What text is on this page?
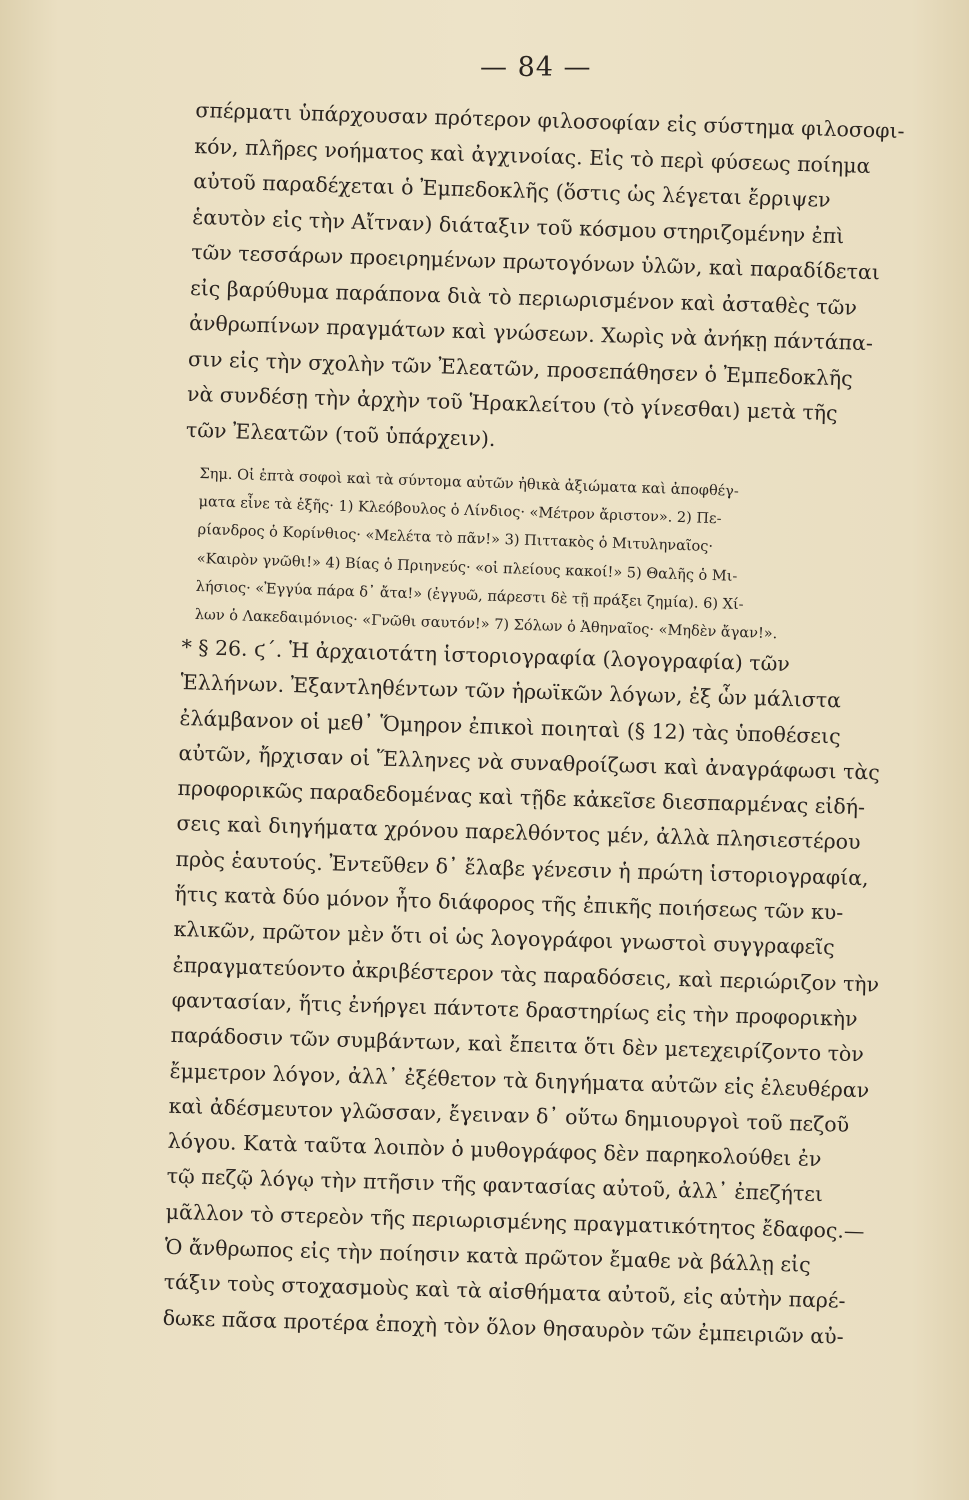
— 84 —
σπέρματι ὑπάρχουσαν πρότερον φιλοσοφίαν εἰς σύστημα φιλοσοφι-
κόν, πλῆρες νοήματος καὶ ἀγχινοίας. Εἰς τὸ περὶ φύσεως ποίημα
αὐτοῦ παραδέχεται ὁ Ἐμπεδοκλῆς (ὅστις ὡς λέγεται ἔρριψεν
ἑαυτὸν εἰς τὴν Αἴτναν) διάταξιν τοῦ κόσμου στηριζομένην ἐπὶ
τῶν τεσσάρων προειρημένων πρωτογόνων ὑλῶν, καὶ παραδίδεται
εἰς βαρύθυμα παράπονα διὰ τὸ περιωρισμένον καὶ ἀσταθὲς τῶν
ἀνθρωπίνων πραγμάτων καὶ γνώσεων. Χωρὶς νὰ ἀνήκῃ πάντάπα-
σιν εἰς τὴν σχολὴν τῶν Ἐλεατῶν, προσεπάθησεν ὁ Ἐμπεδοκλῆς
νὰ συνδέσῃ τὴν ἀρχὴν τοῦ Ἡρακλείτου (τὸ γίνεσθαι) μετὰ τῆς
τῶν Ἐλεατῶν (τοῦ ὑπάρχειν).
Σημ. Οἱ ἑπτὰ σοφοὶ καὶ τὰ σύντομα αὐτῶν ἠθικὰ ἀξιώματα καὶ ἀποφθέγ-
ματα εἶνε τὰ ἑξῆς· 1) Κλεόβουλος ὁ Λίνδιος· «Μέτρον ἄριστον». 2) Πε-
ρίανδρος ὁ Κορίνθιος· «Μελέτα τὸ πᾶν!» 3) Πιττακὸς ὁ Μιτυληναῖος·
«Καιρὸν γνῶθι!» 4) Βίας ὁ Πριηνεύς· «οἱ πλείους κακοί!» 5) Θαλῆς ὁ Μι-
λήσιος· «Ἐγγύα πάρα δ᾽ ἄτα!» (ἐγγυῶ, πάρεστι δὲ τῇ πράξει ζημία). 6) Χί-
λων ὁ Λακεδαιμόνιος· «Γνῶθι σαυτόν!» 7) Σόλων ὁ Ἀθηναῖος· «Μηδὲν ἄγαν!».
* § 26. ϛ΄. Ἡ ἀρχαιοτάτη ἱστοριογραφία (λογογραφία) τῶν
Ἑλλήνων. Ἐξαντληθέντων τῶν ἡρωϊκῶν λόγων, ἐξ ὧν μάλιστα
ἐλάμβανον οἱ μεθ᾽ Ὅμηρον ἐπικοὶ ποιηταὶ (§ 12) τὰς ὑποθέσεις
αὐτῶν, ἤρχισαν οἱ Ἕλληνες νὰ συναθροίζωσι καὶ ἀναγράφωσι τὰς
προφορικῶς παραδεδομένας καὶ τῇδε κἀκεῖσε διεσπαρμένας εἰδή-
σεις καὶ διηγήματα χρόνου παρελθόντος μέν, ἀλλὰ πλησιεστέρου
πρὸς ἑαυτούς. Ἐντεῦθεν δ᾽ ἔλαβε γένεσιν ἡ πρώτη ἱστοριογραφία,
ἥτις κατὰ δύο μόνον ἦτο διάφορος τῆς ἐπικῆς ποιήσεως τῶν κυ-
κλικῶν, πρῶτον μὲν ὅτι οἱ ὡς λογογράφοι γνωστοὶ συγγραφεῖς
ἐπραγματεύοντο ἀκριβέστερον τὰς παραδόσεις, καὶ περιώριζον τὴν
φαντασίαν, ἥτις ἐνήργει πάντοτε δραστηρίως εἰς τὴν προφορικὴν
παράδοσιν τῶν συμβάντων, καὶ ἔπειτα ὅτι δὲν μετεχειρίζοντο τὸν
ἔμμετρον λόγον, ἀλλ᾽ ἐξέθετον τὰ διηγήματα αὐτῶν εἰς ἐλευθέραν
καὶ ἀδέσμευτον γλῶσσαν, ἔγειναν δ᾽ οὕτω δημιουργοὶ τοῦ πεζοῦ
λόγου. Κατὰ ταῦτα λοιπὸν ὁ μυθογράφος δὲν παρηκολούθει ἐν
τῷ πεζῷ λόγῳ τὴν πτῆσιν τῆς φαντασίας αὐτοῦ, ἀλλ᾽ ἐπεζήτει
μᾶλλον τὸ στερεὸν τῆς περιωρισμένης πραγματικότητος ἔδαφος.—
Ὁ ἄνθρωπος εἰς τὴν ποίησιν κατὰ πρῶτον ἔμαθε νὰ βάλλῃ εἰς
τάξιν τοὺς στοχασμοὺς καὶ τὰ αἰσθήματα αὐτοῦ, εἰς αὐτὴν παρέ-
δωκε πᾶσα προτέρα ἐποχὴ τὸν ὅλον θησαυρὸν τῶν ἐμπειριῶν αὐ-
